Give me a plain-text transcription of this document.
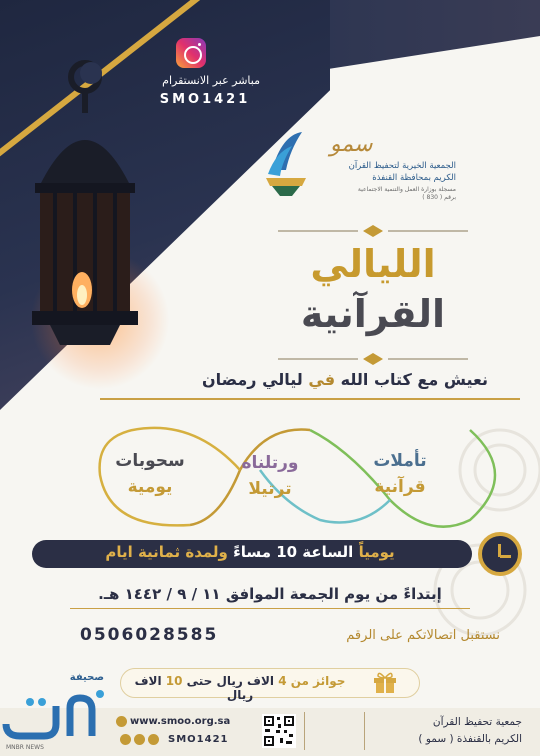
مباشر عبر الانستقرام
SMO1421
سمو
الجمعية الخيرية لتحفيظ القرآن
الكريم بمحافظة القنفذة
مسجلة بوزارة العمل والتنمية الاجتماعية
برقم ( 830 )
الليالي
القرآنية
نعيش مع كتاب الله في ليالي رمضان
تأملات
قرآنية
ورتلناه
ترتيلا
سحوبات
يومية
يومياً الساعة 10 مساءً ولمدة ثمانية ايام
إبتداءً من يوم الجمعة الموافق ١١ / ٩ / ١٤٤٢ هـ.
نستقبل اتصالاتكم على الرقم
0506028585
جوائز من 4 الاف ريال حتى 10 الاف ريال
جمعية تحفيظ القرآن
الكريم بالقنفذة ( سمو )
www.smoo.org.sa
SMO1421
صحيفة
MNBR NEWS
